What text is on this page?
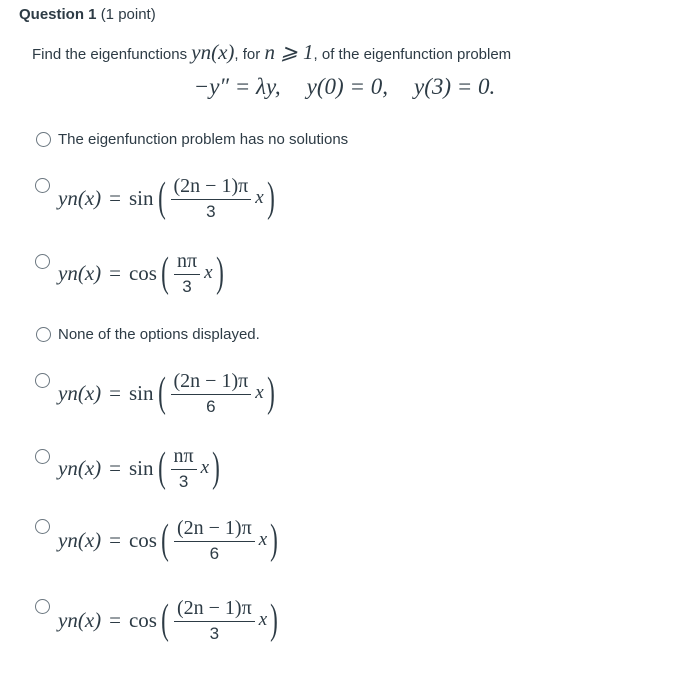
Question 1 (1 point)
Find the eigenfunctions yn(x), for n ⩾ 1, of the eigenfunction problem
−y″ = λy, y(0) = 0, y(3) = 0.
The eigenfunction problem has no solutions
yn(x) = sin ( $\frac{(2n - 1)\pi}{3}$ x )
yn(x) = cos ( $\frac{n\pi}{3}$ x )
None of the options displayed.
yn(x) = sin ( $\frac{(2n - 1)\pi}{6}$ x )
yn(x) = sin ( $\frac{n\pi}{3}$ x )
yn(x) = cos ( $\frac{(2n - 1)\pi}{6}$ x )
yn(x) = cos ( $\frac{(2n - 1)\pi}{3}$ x )
